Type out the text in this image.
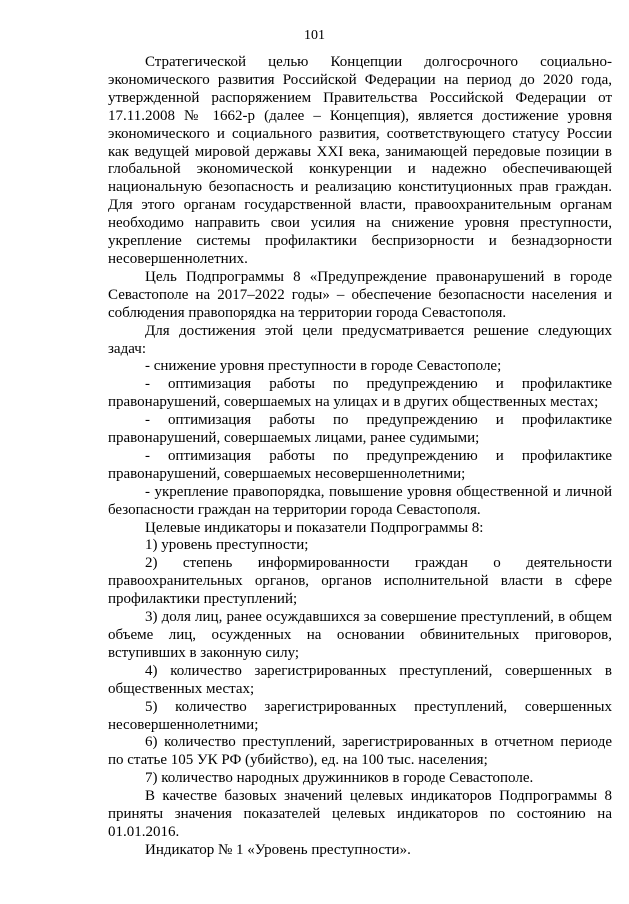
101

Стратегической целью Концепции долгосрочного социально-экономического развития Российской Федерации на период до 2020 года, утвержденной распоряжением Правительства Российской Федерации от 17.11.2008 № 1662-р (далее – Концепция), является достижение уровня экономического и социального развития, соответствующего статусу России как ведущей мировой державы XXI века, занимающей передовые позиции в глобальной экономической конкуренции и надежно обеспечивающей национальную безопасность и реализацию конституционных прав граждан. Для этого органам государственной власти, правоохранительным органам необходимо направить свои усилия на снижение уровня преступности, укрепление системы профилактики беспризорности и безнадзорности несовершеннолетних.

Цель Подпрограммы 8 «Предупреждение правонарушений в городе Севастополе на 2017–2022 годы» – обеспечение безопасности населения и соблюдения правопорядка на территории города Севастополя.

Для достижения этой цели предусматривается решение следующих задач:

- снижение уровня преступности в городе Севастополе;

- оптимизация работы по предупреждению и профилактике правонарушений, совершаемых на улицах и в других общественных местах;

- оптимизация работы по предупреждению и профилактике правонарушений, совершаемых лицами, ранее судимыми;

- оптимизация работы по предупреждению и профилактике правонарушений, совершаемых несовершеннолетними;

- укрепление правопорядка, повышение уровня общественной и личной безопасности граждан на территории города Севастополя.

Целевые индикаторы и показатели Подпрограммы 8:

1) уровень преступности;

2) степень информированности граждан о деятельности правоохранительных органов, органов исполнительной власти в сфере профилактики преступлений;

3) доля лиц, ранее осуждавшихся за совершение преступлений, в общем объеме лиц, осужденных на основании обвинительных приговоров, вступивших в законную силу;

4) количество зарегистрированных преступлений, совершенных в общественных местах;

5) количество зарегистрированных преступлений, совершенных несовершеннолетними;

6) количество преступлений, зарегистрированных в отчетном периоде по статье 105 УК РФ (убийство), ед. на 100 тыс. населения;

7) количество народных дружинников в городе Севастополе.

В качестве базовых значений целевых индикаторов Подпрограммы 8 приняты значения показателей целевых индикаторов по состоянию на 01.01.2016.

Индикатор № 1 «Уровень преступности».
